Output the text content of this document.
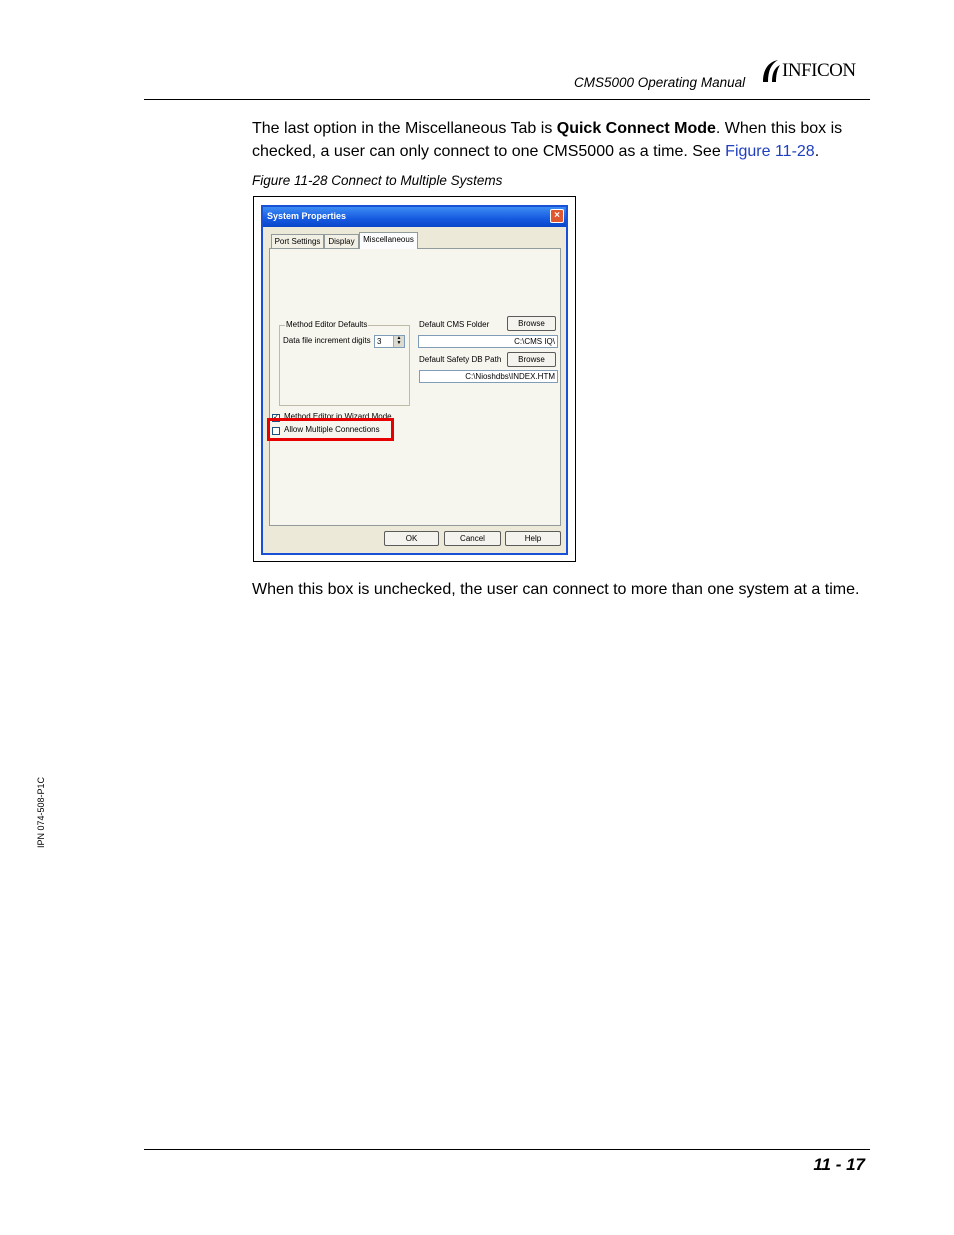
CMS5000 Operating Manual
INFICON
The last option in the Miscellaneous Tab is Quick Connect Mode. When this box is checked, a user can only connect to one CMS5000 as a time. See Figure 11-28.
Figure 11-28 Connect to Multiple Systems
System Properties	×
Port Settings Display	Miscellaneous
Method Editor Defaults
Data file increment digits 3	▲
▼
Default CMS Folder	Browse
C:\CMS IQ\
Default Safety DB Path	Browse
C:\Nioshdbs\INDEX.HTM
✓ Method Editor in Wizard Mode
Allow Multiple Connections
OK	Cancel	Help
When this box is unchecked, the user can connect to more than one system at a time.
IPN 074-508-P1C
11 - 17
